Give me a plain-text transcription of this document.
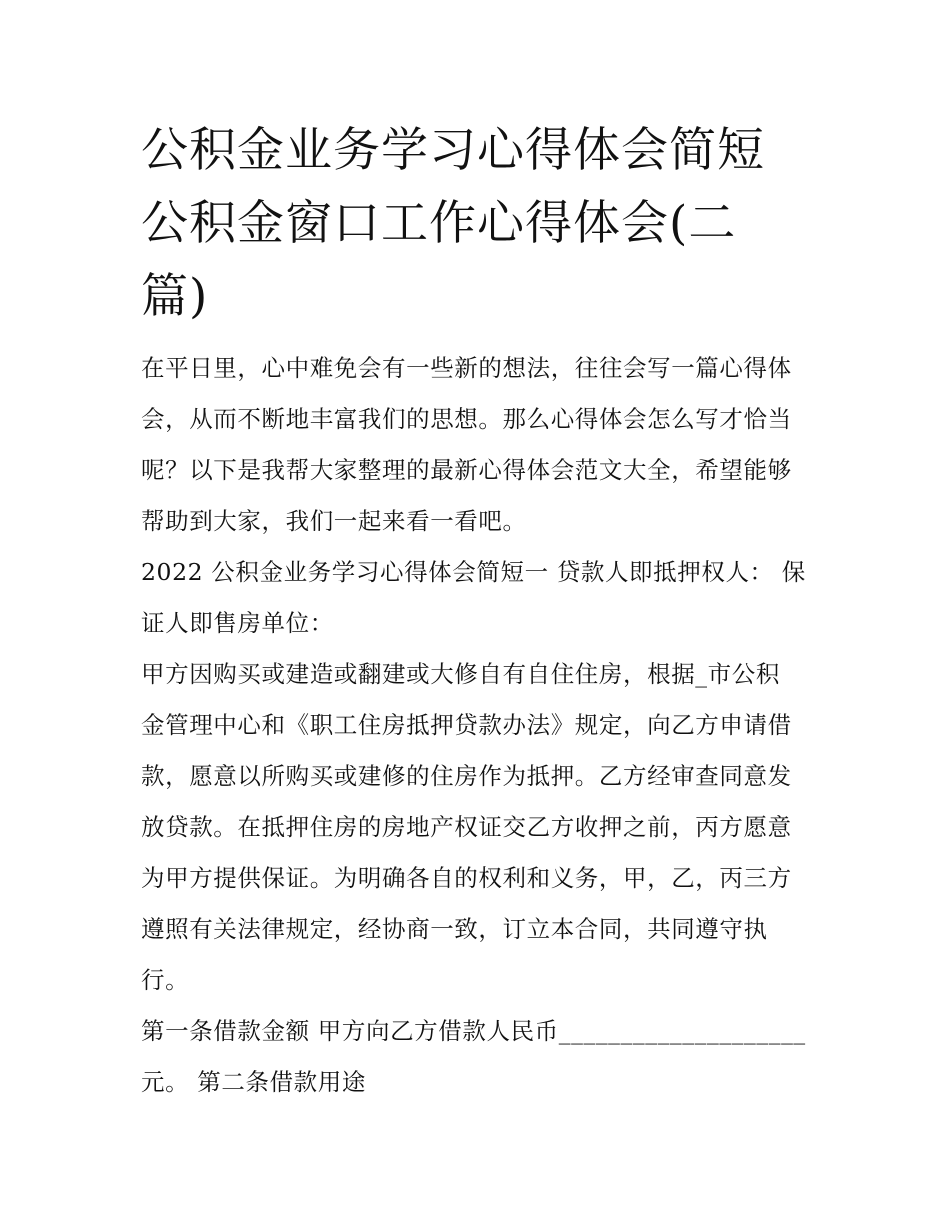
公积金业务学习心得体会简短
公积金窗口工作心得体会(二
篇)

在平日里，心中难免会有一些新的想法，往往会写一篇心得体
会，从而不断地丰富我们的思想。那么心得体会怎么写才恰当
呢？以下是我帮大家整理的最新心得体会范文大全，希望能够
帮助到大家，我们一起来看一看吧。

2022 公积金业务学习心得体会简短一 贷款人即抵押权人： 保
证人即售房单位：

甲方因购买或建造或翻建或大修自有自住住房，根据_市公积
金管理中心和《职工住房抵押贷款办法》规定，向乙方申请借
款，愿意以所购买或建修的住房作为抵押。乙方经审查同意发
放贷款。在抵押住房的房地产权证交乙方收押之前，丙方愿意
为甲方提供保证。为明确各自的权利和义务，甲，乙，丙三方
遵照有关法律规定，经协商一致，订立本合同，共同遵守执
行。

第一条借款金额 甲方向乙方借款人民币____________________
元。 第二条借款用途
